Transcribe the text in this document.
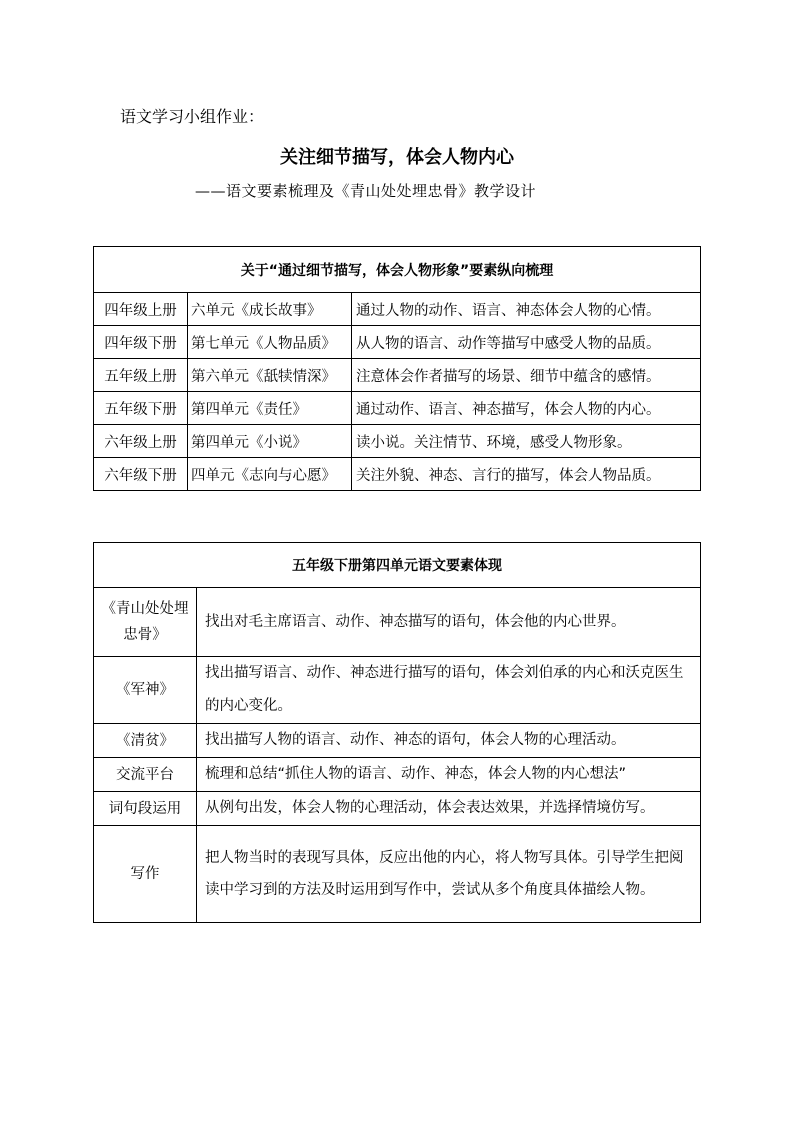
语文学习小组作业：
关注细节描写，体会人物内心
——语文要素梳理及《青山处处埋忠骨》教学设计
关于“通过细节描写，体会人物形象”要素纵向梳理		
四年级上册	六单元《成长故事》	通过人物的动作、语言、神态体会人物的心情。
四年级下册	第七单元《人物品质》	从人物的语言、动作等描写中感受人物的品质。
五年级上册	第六单元《舐犊情深》	注意体会作者描写的场景、细节中蕴含的感情。
五年级下册	第四单元《责任》	通过动作、语言、神态描写，体会人物的内心。
六年级上册	第四单元《小说》	读小说。关注情节、环境，感受人物形象。
六年级下册	四单元《志向与心愿》	关注外貌、神态、言行的描写，体会人物品质。
五年级下册第四单元语文要素体现	
《青山处处埋忠骨》	找出对毛主席语言、动作、神态描写的语句，体会他的内心世界。
《军神》	找出描写语言、动作、神态进行描写的语句，体会刘伯承的内心和沃克医生的内心变化。
《清贫》	找出描写人物的语言、动作、神态的语句，体会人物的心理活动。
交流平台	梳理和总结“抓住人物的语言、动作、神态，体会人物的内心想法”
词句段运用	从例句出发，体会人物的心理活动，体会表达效果，并选择情境仿写。
写作	把人物当时的表现写具体，反应出他的内心，将人物写具体。引导学生把阅读中学习到的方法及时运用到写作中，尝试从多个角度具体描绘人物。
